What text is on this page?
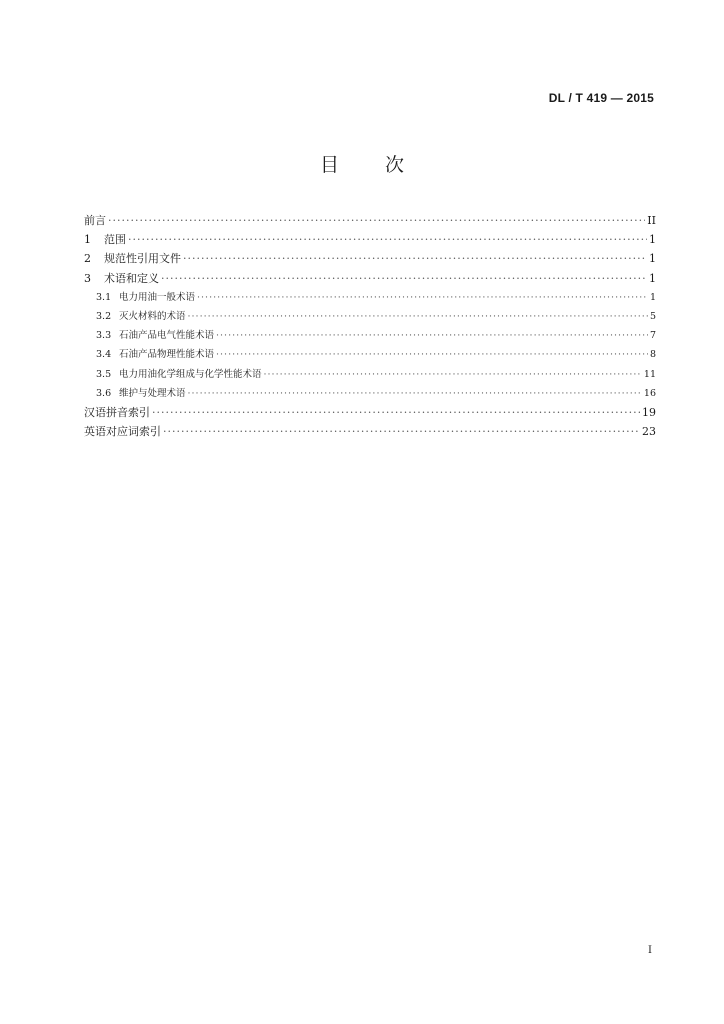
DL / T 419 — 2015
目次
前言 ·····	II
1	范围 ·····	1
2	规范性引用文件 ·····	1
3	术语和定义 ·····	1
3.1 电力用油一般术语 ·····	1
3.2 灭火材料的术语 ·····	5
3.3 石油产品电气性能术语 ·····	7
3.4 石油产品物理性能术语 ·····	8
3.5 电力用油化学组成与化学性能术语 ·····	11
3.6 维护与处理术语 ·····	16
汉语拼音索引 ·····	19
英语对应词索引 ·····	23
I
